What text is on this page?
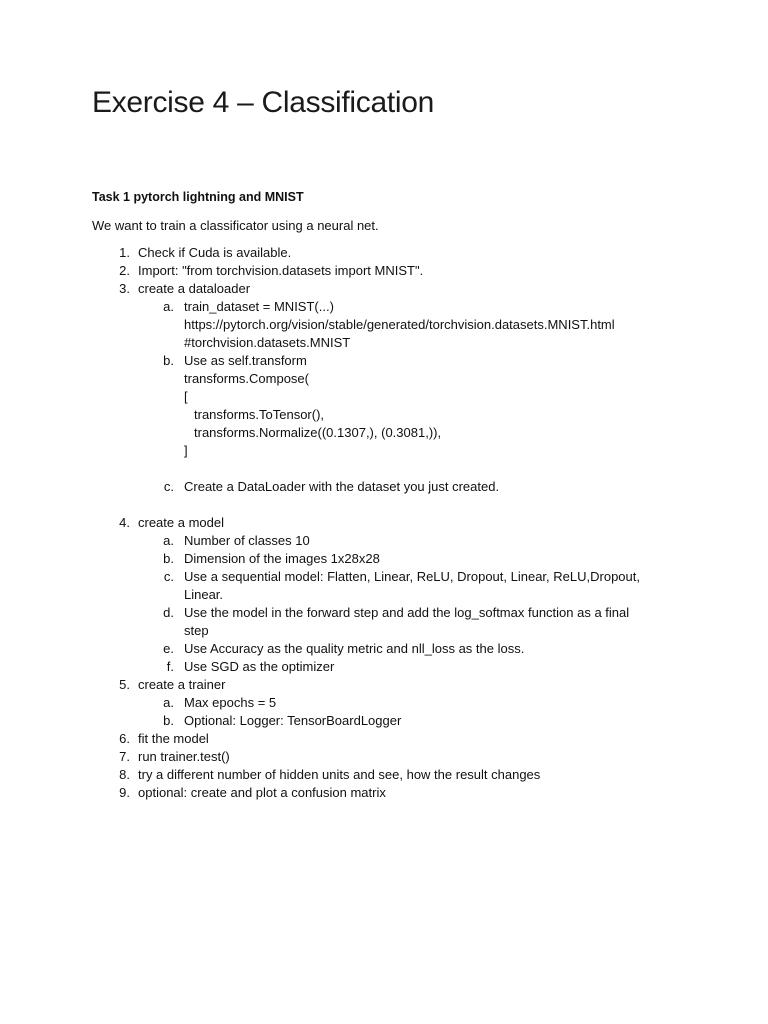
Exercise 4 – Classification

Task 1 pytorch lightning and MNIST

We want to train a classificator using a neural net.

1 . Check if Cuda is available.
2 . Import: "from torchvision.datasets import MNIST".
3 . create a dataloader
a . train_dataset = MNIST(...)
https://pytorch.org/vision/stable/generated/torchvision.datasets.MNIST.html
#torchvision.datasets.MNIST
b . Use as self.transform
transforms.Compose(
[
transforms.ToTensor(),
transforms.Normalize((0.1307,), (0.3081,)),
]
c . Create a DataLoader with the dataset you just created.
4 . create a model
a . Number of classes 10
b . Dimension of the images 1x28x28
c . Use a sequential model: Flatten, Linear, ReLU, Dropout, Linear, ReLU,Dropout,
Linear.
d . Use the model in the forward step and add the log_softmax function as a final
step
e . Use Accuracy as the quality metric and nll_loss as the loss.
f . Use SGD as the optimizer
5 . create a trainer
a . Max epochs = 5
b . Optional: Logger: TensorBoardLogger
6 . fit the model
7 . run trainer.test()
8 . try a different number of hidden units and see, how the result changes
9 . optional: create and plot a confusion matrix
